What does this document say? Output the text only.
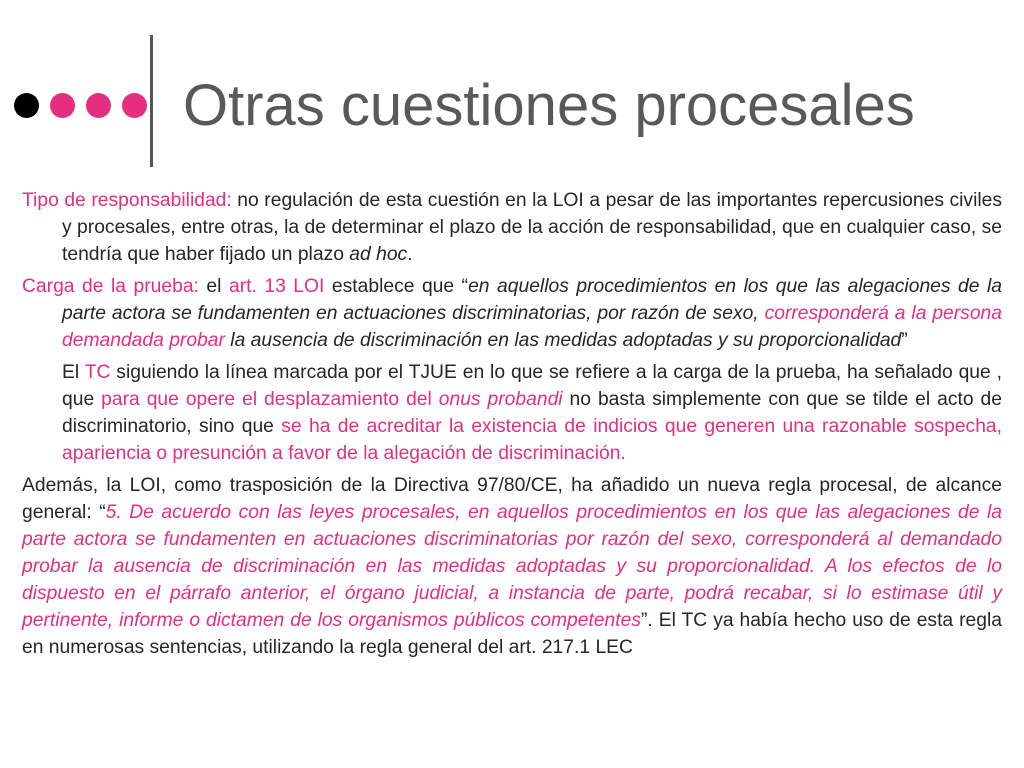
Otras cuestiones procesales

Tipo de responsabilidad: no regulación de esta cuestión en la LOI a pesar de las importantes repercusiones civiles y procesales, entre otras, la de determinar el plazo de la acción de responsabilidad, que en cualquier caso, se tendría que haber fijado un plazo ad hoc.

Carga de la prueba: el art. 13 LOI establece que “en aquellos procedimientos en los que las alegaciones de la parte actora se fundamenten en actuaciones discriminatorias, por razón de sexo, corresponderá a la persona demandada probar la ausencia de discriminación en las medidas adoptadas y su proporcionalidad”

El TC siguiendo la línea marcada por el TJUE en lo que se refiere a la carga de la prueba, ha señalado que , que para que opere el desplazamiento del onus probandi no basta simplemente con que se tilde el acto de discriminatorio, sino que se ha de acreditar la existencia de indicios que generen una razonable sospecha, apariencia o presunción a favor de la alegación de discriminación.

Además, la LOI, como trasposición de la Directiva 97/80/CE, ha añadido un nueva regla procesal, de alcance general: “5. De acuerdo con las leyes procesales, en aquellos procedimientos en los que las alegaciones de la parte actora se fundamenten en actuaciones discriminatorias por razón del sexo, corresponderá al demandado probar la ausencia de discriminación en las medidas adoptadas y su proporcionalidad. A los efectos de lo dispuesto en el párrafo anterior, el órgano judicial, a instancia de parte, podrá recabar, si lo estimase útil y pertinente, informe o dictamen de los organismos públicos competentes”. El TC ya había hecho uso de esta regla en numerosas sentencias, utilizando la regla general del art. 217.1 LEC
